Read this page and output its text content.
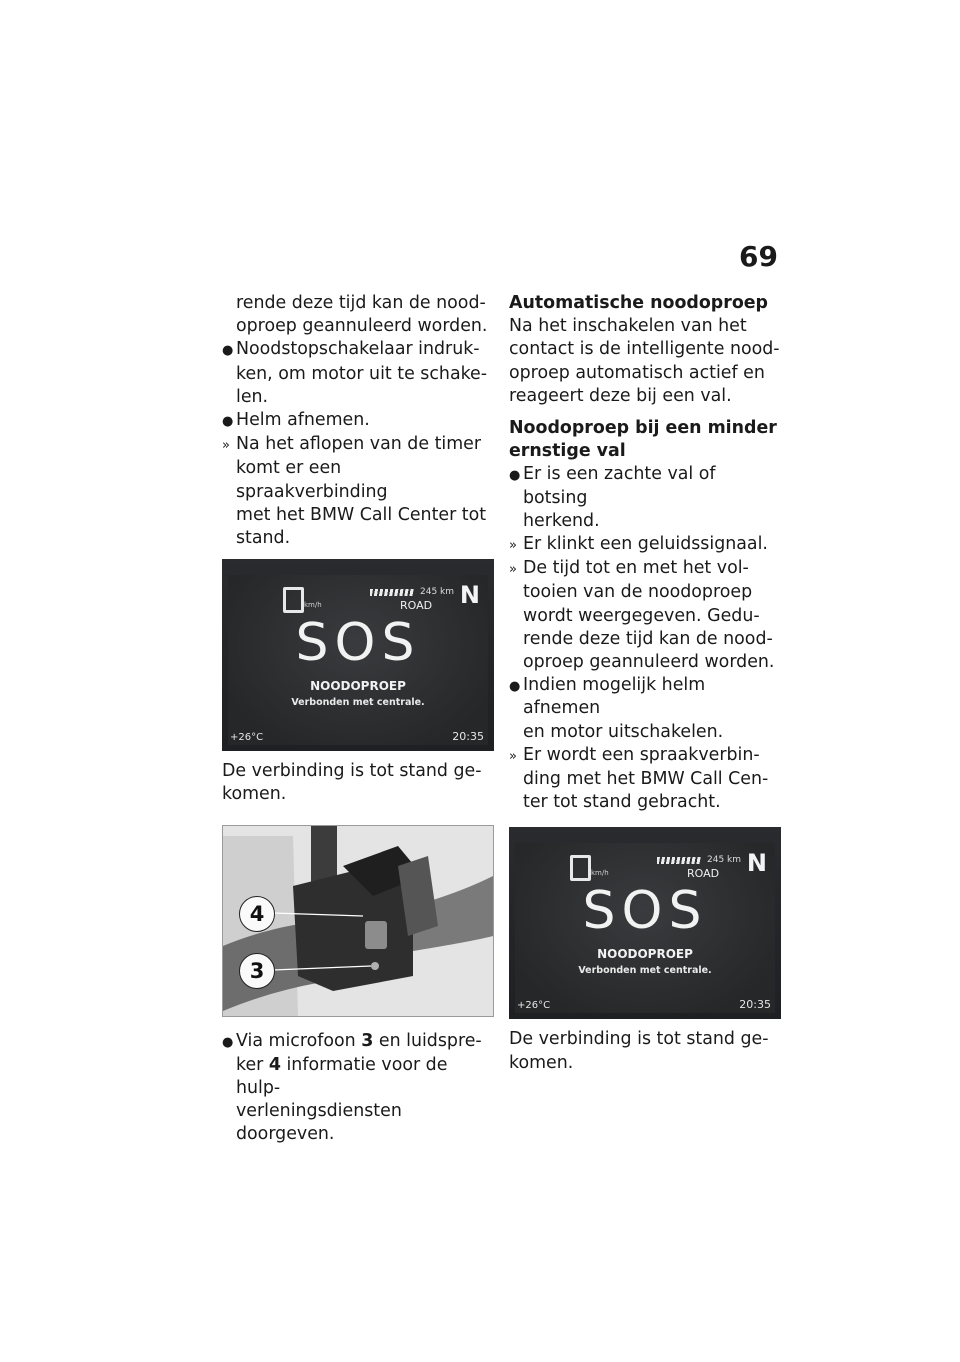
69
rende deze tijd kan de nood-
oproep geannuleerd worden.
● Noodstopschakelaar indruk-
ken, om motor uit te schake-
len.
● Helm afnemen.
» Na het aflopen van de timer
komt er een spraakverbinding
met het BMW Call Center tot
stand.
km/h
245 km
ROAD N
SOS
NOODOPROEP
Verbonden met centrale.
+26°C	20:35
De verbinding is tot stand ge-
komen.
4
3
● Via microfoon 3 en luidspre-
ker 4 informatie voor de hulp-
verleningsdiensten doorgeven.
Automatische noodoproep
Na het inschakelen van het
contact is de intelligente nood-
oproep automatisch actief en
reageert deze bij een val.
Noodoproep bij een minder
ernstige val
● Er is een zachte val of botsing
herkend.
» Er klinkt een geluidssignaal.
» De tijd tot en met het vol-
tooien van de noodoproep
wordt weergegeven. Gedu-
rende deze tijd kan de nood-
oproep geannuleerd worden.
● Indien mogelijk helm afnemen
en motor uitschakelen.
» Er wordt een spraakverbin-
ding met het BMW Call Cen-
ter tot stand gebracht.
km/h
245 km
ROAD N
SOS
NOODOPROEP
Verbonden met centrale.
+26°C	20:35
De verbinding is tot stand ge-
komen.
